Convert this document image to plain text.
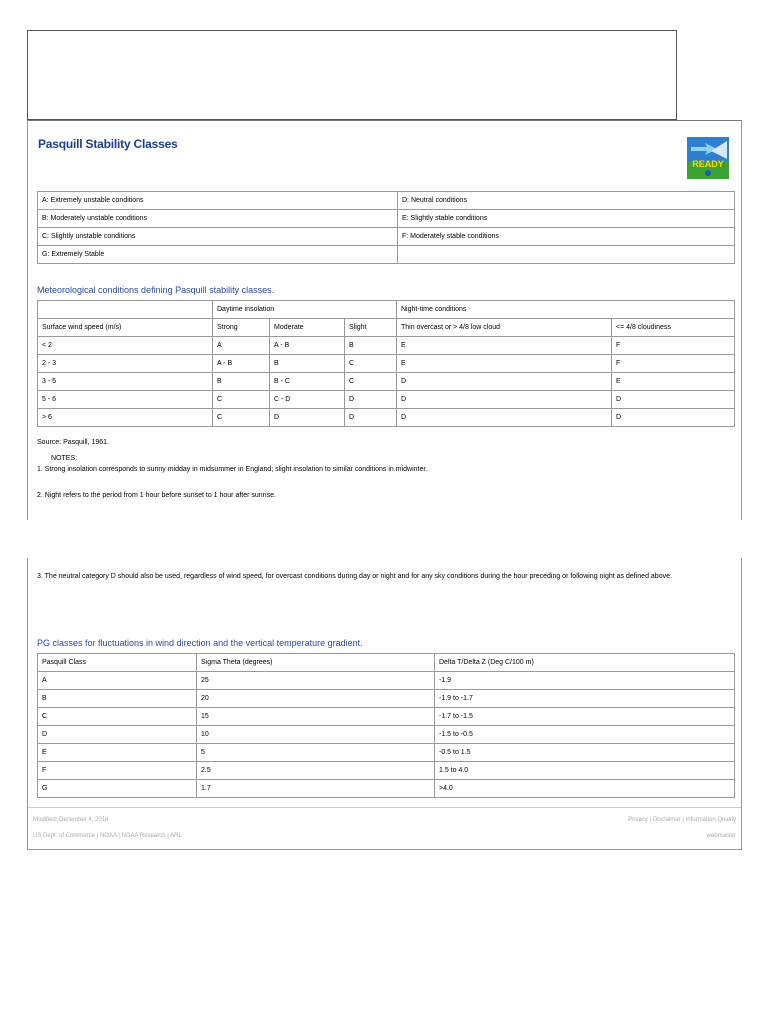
Pasquill Stability Classes
READY
A: Extremely unstable conditions	D: Neutral conditions
B: Moderately unstable conditions	E: Slightly stable conditions
C: Slightly unstable conditions	F: Moderately stable conditions
G: Extremely Stable	
Meteorological conditions defining Pasquill stability classes.
	Daytime insolation			Night-time conditions	
Surface wind speed (m/s)	Strong	Moderate	Slight	Thin overcast or > 4/8 low cloud	<= 4/8 cloudiness
< 2	A	A - B	B	E	F
2 - 3	A - B	B	C	E	F
3 - 5	B	B - C	C	D	E
5 - 6	C	C - D	D	D	D
> 6	C	D	D	D	D
Source: Pasquill, 1961.
NOTES:
1. Strong insolation corresponds to sunny midday in midsummer in England; slight insolation to similar conditions in midwinter.
2. Night refers to the period from 1 hour before sunset to 1 hour after sunrise.
3. The neutral category D should also be used, regardless of wind speed, for overcast conditions during day or night and for any sky conditions during the hour preceding or following night as defined above.
PG classes for fluctuations in wind direction and the vertical temperature gradient.
Pasquill Class	Sigma Theta (degrees)	Delta T/Delta Z (Deg C/100 m)
A	25	-1.9
B	20	-1.9 to -1.7
C	15	-1.7 to -1.5
D	10	-1.5 to -0.5
E	5	-0.5 to 1.5
F	2.5	1.5 to 4.0
G	1.7	>4.0
Modified: December 4, 2018
US Dept. of Commerce | NOAA | NOAA Research | ARL
Privacy | Disclaimer | Information Quality
webmaster
